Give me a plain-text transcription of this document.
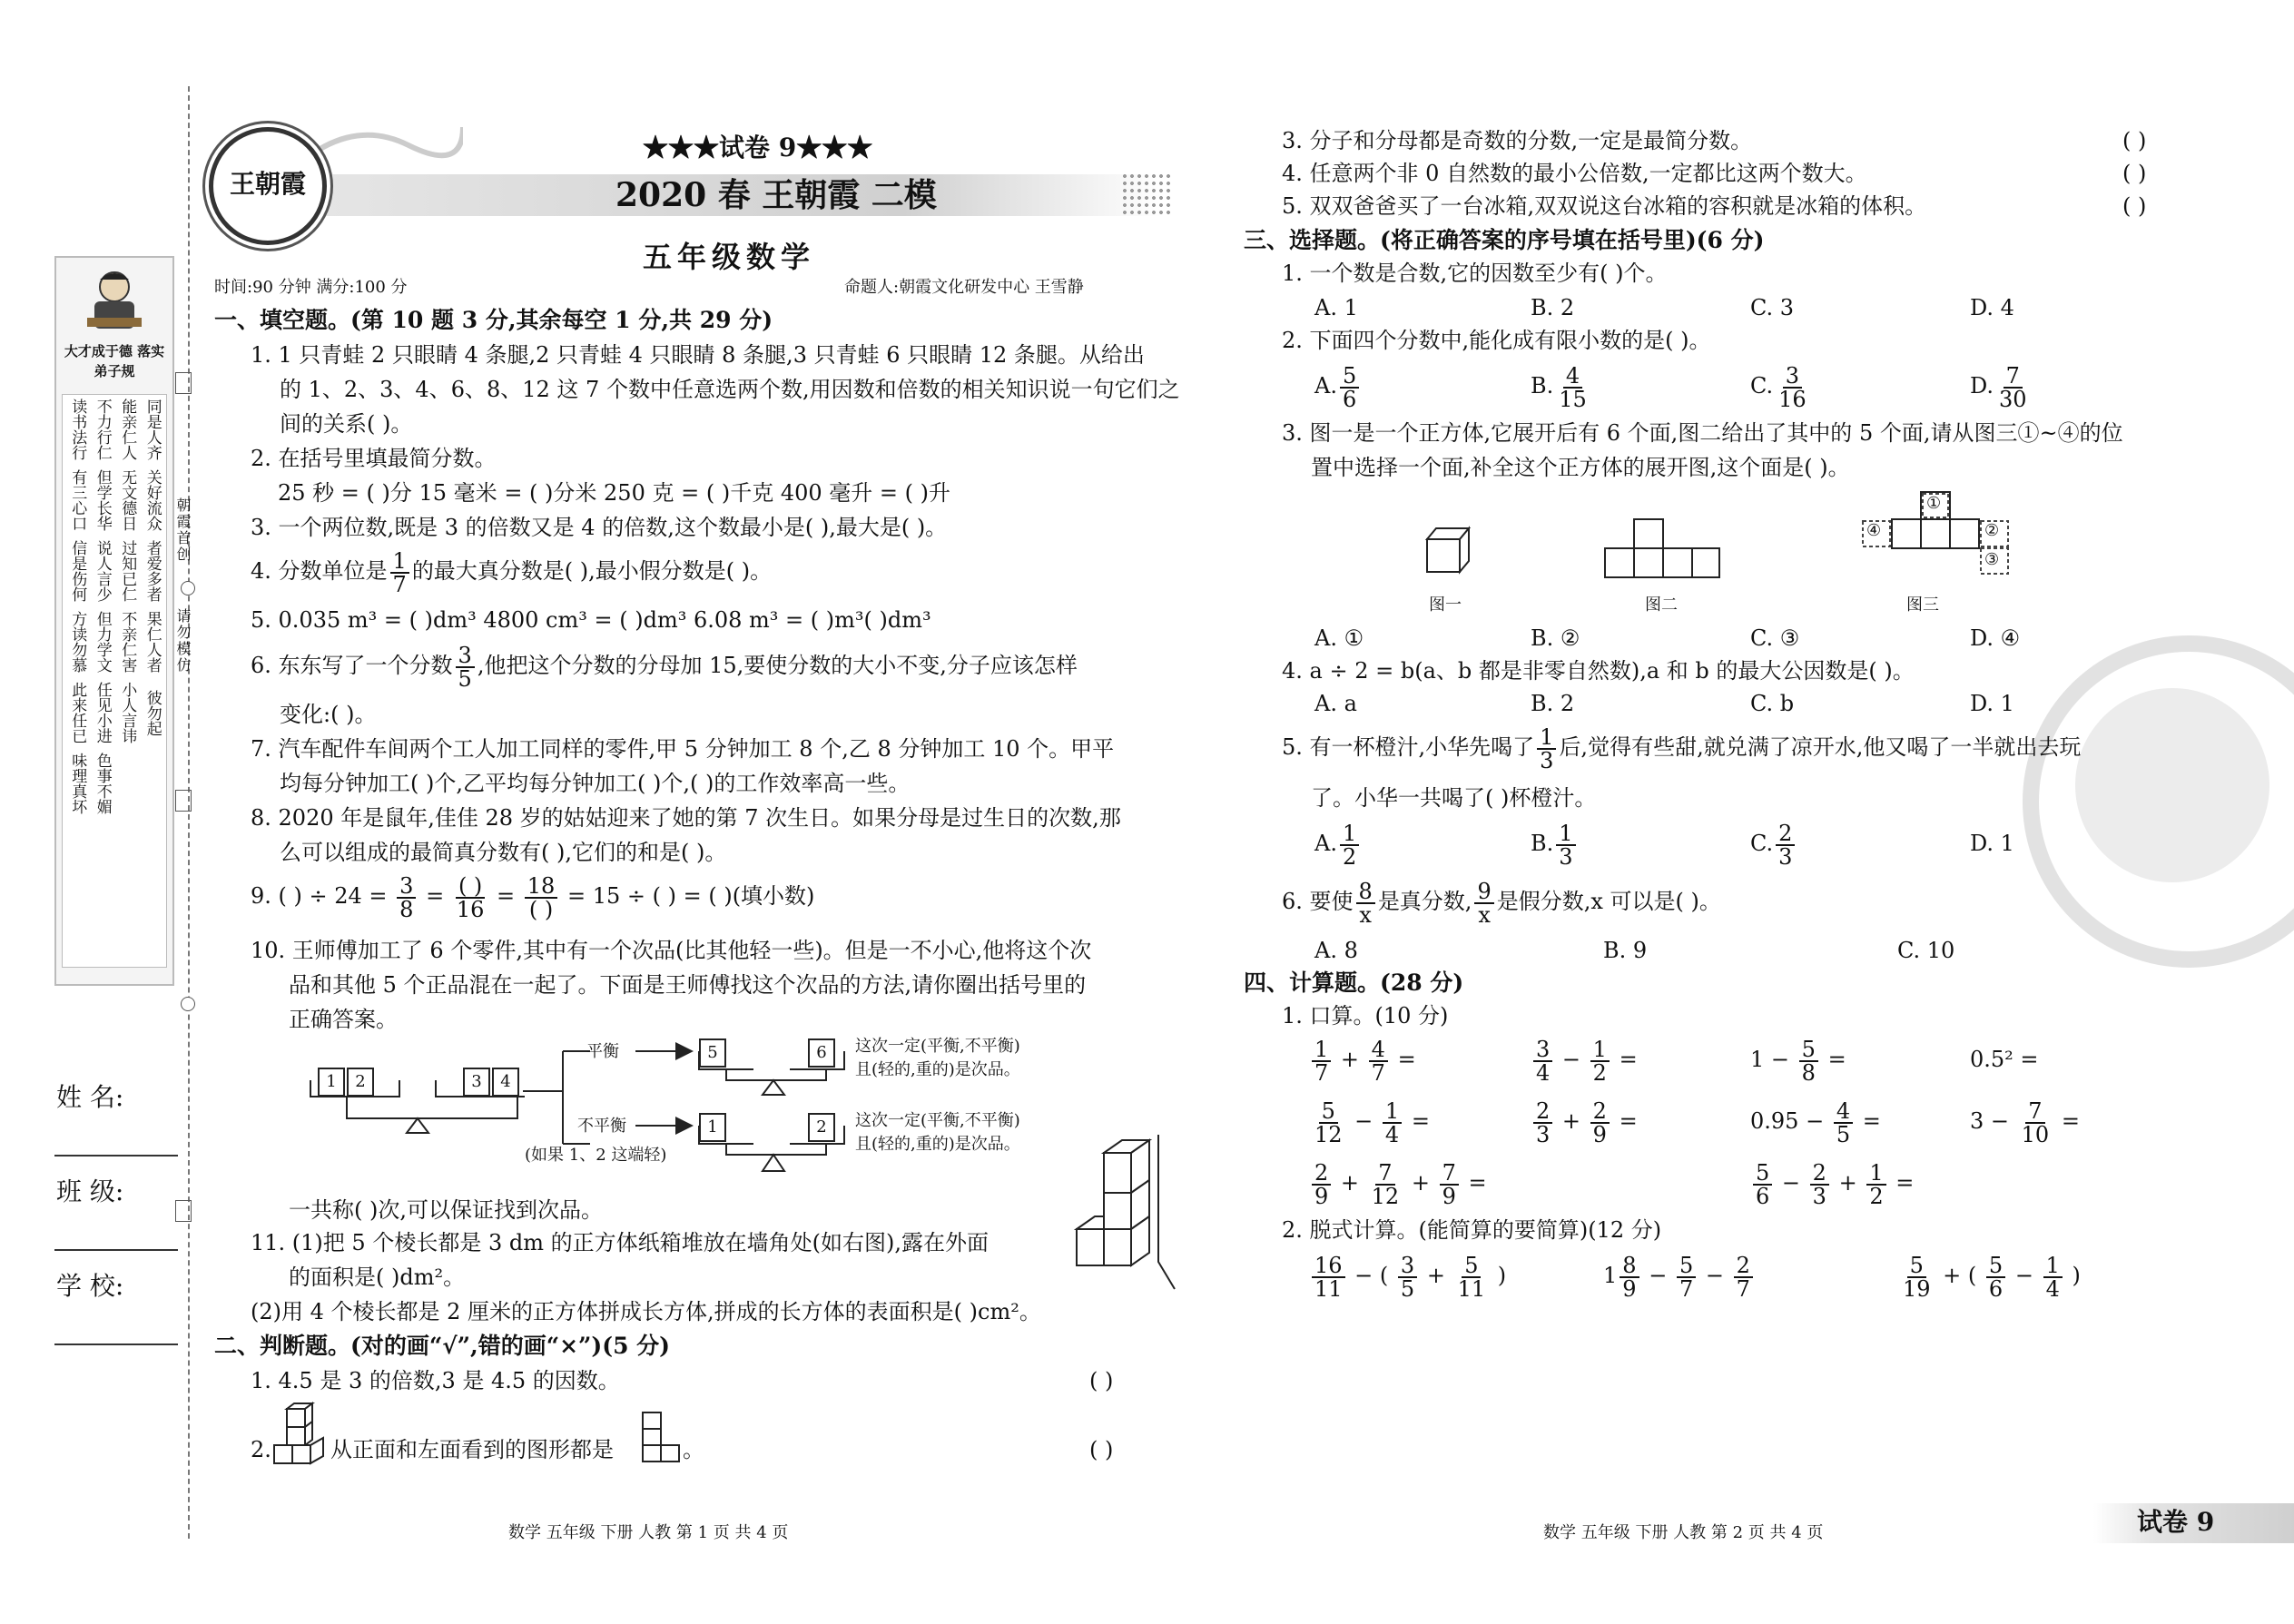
大才成于德 落实弟子规
读书法行 不力行仁 能亲仁人 同是人齐
有三心口 但学长华 无文德日 关好流众
信是伤何 说人言少 过知已仁 者爱多者
方读勿慕 但力学文 不亲仁害 果仁人者
此来任已 任见小进 小人言讳 彼勿起
味理真坏 色事不媚
朝霞首创
请勿模仿
姓 名:
班 级:
学 校:
王朝霞
★★★试卷 9★★★
2020 春 王朝霞 二模
五年级数学
时间:90 分钟 满分:100 分	命题人:朝霞文化研发中心 王雪静
一、填空题。(第 10 题 3 分,其余每空 1 分,共 29 分)
1. 1 只青蛙 2 只眼睛 4 条腿,2 只青蛙 4 只眼睛 8 条腿,3 只青蛙 6 只眼睛 12 条腿。从给出
的 1、2、3、4、6、8、12 这 7 个数中任意选两个数,用因数和倍数的相关知识说一句它们之
间的关系( )。
2. 在括号里填最简分数。
25 秒 = ( )分 15 毫米 = ( )分米 250 克 = ( )千克 400 毫升 = ( )升
3. 一个两位数,既是 3 的倍数又是 4 的倍数,这个数最小是( ),最大是( )。
4. 分数单位是 $\frac{1}{7}$ 的最大真分数是( ),最小假分数是( )。
5. 0.035 m³ = ( )dm³ 4800 cm³ = ( )dm³ 6.08 m³ = ( )m³( )dm³
6. 东东写了一个分数 $\frac{3}{5}$ ,他把这个分数的分母加 15,要使分数的大小不变,分子应该怎样
变化:( )。
7. 汽车配件车间两个工人加工同样的零件,甲 5 分钟加工 8 个,乙 8 分钟加工 10 个。甲平
均每分钟加工( )个,乙平均每分钟加工( )个,( )的工作效率高一些。
8. 2020 年是鼠年,佳佳 28 岁的姑姑迎来了她的第 7 次生日。如果分母是过生日的次数,那
么可以组成的最简真分数有( ),它们的和是( )。
9. ( ) ÷ $24 = \frac{3}{8} = \frac{( )}{16} = \frac{18}{( )} = 15$ ÷ ( ) = ( )(填小数)
10. 王师傅加工了 6 个零件,其中有一个次品(比其他轻一些)。但是一不小心,他将这个次
品和其他 5 个正品混在一起了。下面是王师傅找这个次品的方法,请你圈出括号里的
正确答案。
1	2	3	4
平衡	5	6	这次一定(平衡,不平衡)
且(轻的,重的)是次品。
不平衡
(如果 1、2 这端轻)
1	2	这次一定(平衡,不平衡)
且(轻的,重的)是次品。
一共称( )次,可以保证找到次品。
11. (1)把 5 个棱长都是 3 dm 的正方体纸箱堆放在墙角处(如右图),露在外面
的面积是( )dm²。
(2)用 4 个棱长都是 2 厘米的正方体拼成长方体,拼成的长方体的表面积是( )cm²。
二、判断题。(对的画“√”,错的画“×”)(5 分)
1. 4.5 是 3 的倍数,3 是 4.5 的因数。	( )
2.	从正面和左面看到的图形都是	。	( )
数学 五年级 下册 人教 第 1 页 共 4 页
3. 分子和分母都是奇数的分数,一定是最简分数。	( )
4. 任意两个非 0 自然数的最小公倍数,一定都比这两个数大。	( )
5. 双双爸爸买了一台冰箱,双双说这台冰箱的容积就是冰箱的体积。	( )
三、选择题。(将正确答案的序号填在括号里)(6 分)
1. 一个数是合数,它的因数至少有( )个。
A. 1	B. 2	C. 3	D. 4
2. 下面四个分数中,能化成有限小数的是( )。
A. $\frac{5}{6}$	B. $\frac{4}{15}$	C. $\frac{3}{16}$	D. $\frac{7}{30}$
3. 图一是一个正方体,它展开后有 6 个面,图二给出了其中的 5 个面,请从图三①~④的位
置中选择一个面,补全这个正方体的展开图,这个面是( )。
①
②
③
④
图一	图二	图三
A. ①	B. ②	C. ③	D. ④
4. a ÷ 2 = b(a、b 都是非零自然数),a 和 b 的最大公因数是( )。
A. a	B. 2	C. b	D. 1
5. 有一杯橙汁,小华先喝了 $\frac{1}{3}$ 后,觉得有些甜,就兑满了凉开水,他又喝了一半就出去玩
了。小华一共喝了( )杯橙汁。
A. $\frac{1}{2}$	B. $\frac{1}{3}$	C. $\frac{2}{3}$	D. 1
6. 要使 $\frac{8}{x}$ 是真分数, $\frac{9}{x}$ 是假分数,x 可以是( )。
A. 8	B. 9	C. 10
四、计算题。(28 分)
1. 口算。(10 分)
$\frac{1}{7} + \frac{4}{7}$ =	$\frac{3}{4} - \frac{1}{2}$ =	$1 - \frac{5}{8}$ =	0.5² =
$\frac{5}{12} - \frac{1}{4}$ =	$\frac{2}{3} + \frac{2}{9}$ =	$0.95 - \frac{4}{5}$ =	$3 - \frac{7}{10}$ =
$\frac{2}{9} + \frac{7}{12} + \frac{7}{9}$ =	$\frac{5}{6} - \frac{2}{3} + \frac{1}{2}$ =
2. 脱式计算。(能简算的要简算)(12 分)
$\frac{16}{11}$ − ( $\frac{3}{5} + \frac{5}{11}$ )	$1 \frac{8}{9} - \frac{5}{7} - \frac{2}{7}$	$\frac{5}{19}$ + ( $\frac{5}{6} - \frac{1}{4}$ )
数学 五年级 下册 人教 第 2 页 共 4 页	试卷 9
